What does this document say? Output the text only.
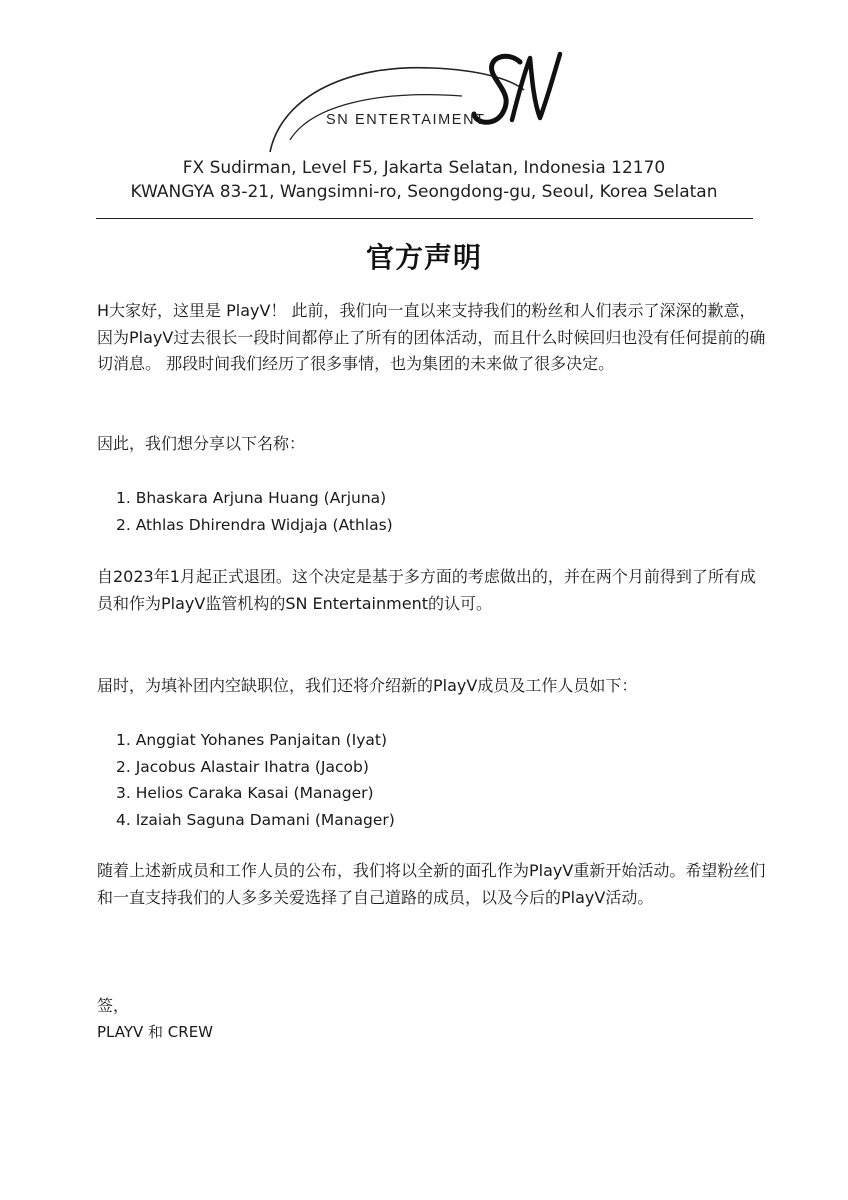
SN ENTERTAIMENT
FX Sudirman, Level F5, Jakarta Selatan, Indonesia 12170
KWANGYA 83-21, Wangsimni-ro, Seongdong-gu, Seoul, Korea Selatan
官方声明
H大家好，这里是 PlayV！ 此前，我们向一直以来支持我们的粉丝和人们表示了深深的歉意，因为PlayV过去很长一段时间都停止了所有的团体活动，而且什么时候回归也没有任何提前的确切消息。 那段时间我们经历了很多事情，也为集团的未来做了很多决定。
因此，我们想分享以下名称：
1. Bhaskara Arjuna Huang (Arjuna)
2. Athlas Dhirendra Widjaja (Athlas)
自2023年1月起正式退团。这个决定是基于多方面的考虑做出的，并在两个月前得到了所有成员和作为PlayV监管机构的SN Entertainment的认可。
届时，为填补团内空缺职位，我们还将介绍新的PlayV成员及工作人员如下：
1. Anggiat Yohanes Panjaitan (Iyat)
2. Jacobus Alastair Ihatra (Jacob)
3. Helios Caraka Kasai (Manager)
4. Izaiah Saguna Damani (Manager)
随着上述新成员和工作人员的公布，我们将以全新的面孔作为PlayV重新开始活动。希望粉丝们和一直支持我们的人多多关爱选择了自己道路的成员，以及今后的PlayV活动。
签，
PLAYV 和 CREW
